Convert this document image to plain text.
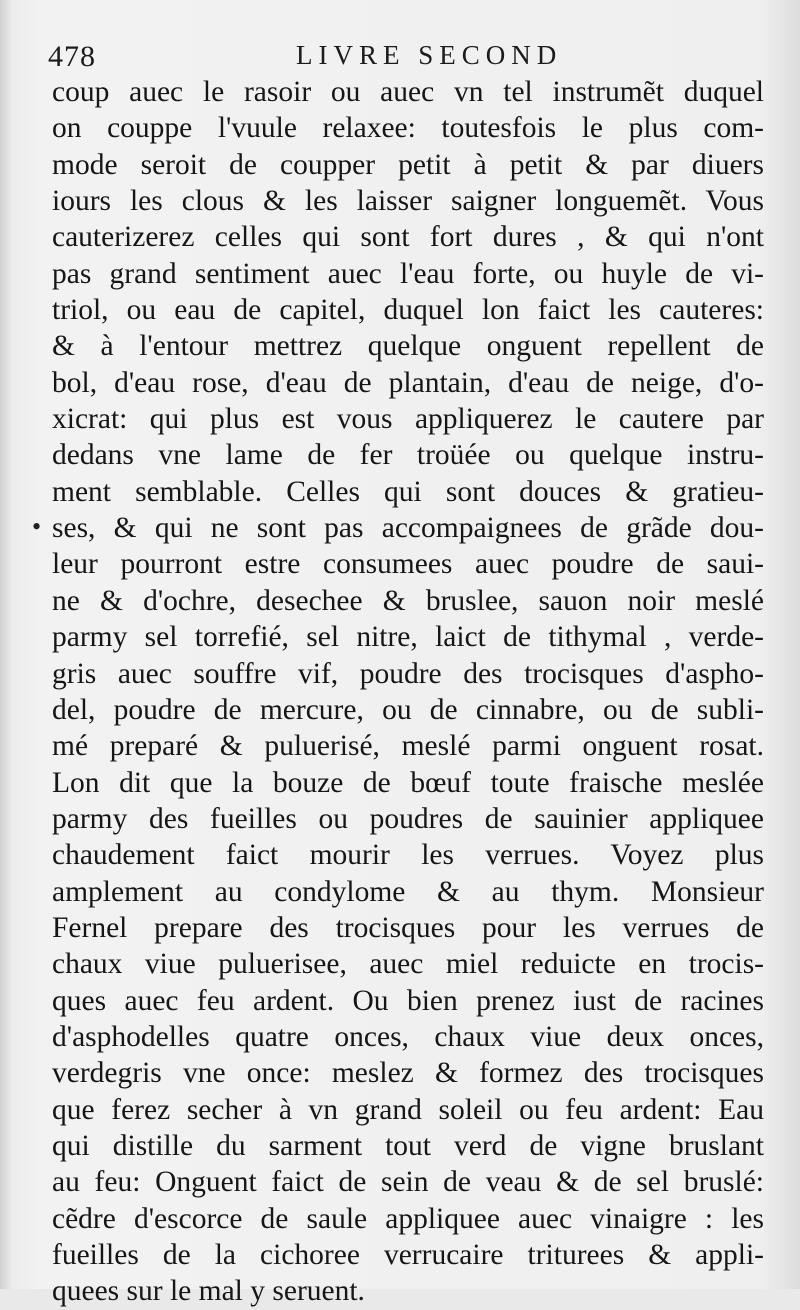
478	LIVRE SECOND
•
coup auec le rasoir ou auec vn tel instrumẽt duquel
on couppe l'vuule relaxee: toutesfois le plus com-
mode seroit de coupper petit à petit & par diuers
iours les clous & les laisser saigner longuemẽt. Vous
cauterizerez celles qui sont fort dures , & qui n'ont
pas grand sentiment auec l'eau forte, ou huyle de vi-
triol, ou eau de capitel, duquel lon faict les cauteres:
& à l'entour mettrez quelque onguent repellent de
bol, d'eau rose, d'eau de plantain, d'eau de neige, d'o-
xicrat: qui plus est vous appliquerez le cautere par
dedans vne lame de fer troüée ou quelque instru-
ment semblable. Celles qui sont douces & gratieu-
ses, & qui ne sont pas accompaignees de grãde dou-
leur pourront estre consumees auec poudre de saui-
ne & d'ochre, desechee & bruslee, sauon noir meslé
parmy sel torrefié, sel nitre, laict de tithymal , verde-
gris auec souffre vif, poudre des trocisques d'aspho-
del, poudre de mercure, ou de cinnabre, ou de subli-
mé preparé & puluerisé, meslé parmi onguent rosat.
Lon dit que la bouze de bœuf toute fraische meslée
parmy des fueilles ou poudres de sauinier appliquee
chaudement faict mourir les verrues. Voyez plus
amplement au condylome & au thym. Monsieur
Fernel prepare des trocisques pour les verrues de
chaux viue puluerisee, auec miel reduicte en trocis-
ques auec feu ardent. Ou bien prenez iust de racines
d'asphodelles quatre onces, chaux viue deux onces,
verdegris vne once: meslez & formez des trocisques
que ferez secher à vn grand soleil ou feu ardent: Eau
qui distille du sarment tout verd de vigne bruslant
au feu: Onguent faict de sein de veau & de sel bruslé:
cẽdre d'escorce de saule appliquee auec vinaigre : les
fueilles de la cichoree verrucaire triturees & appli-
quees sur le mal y seruent.
